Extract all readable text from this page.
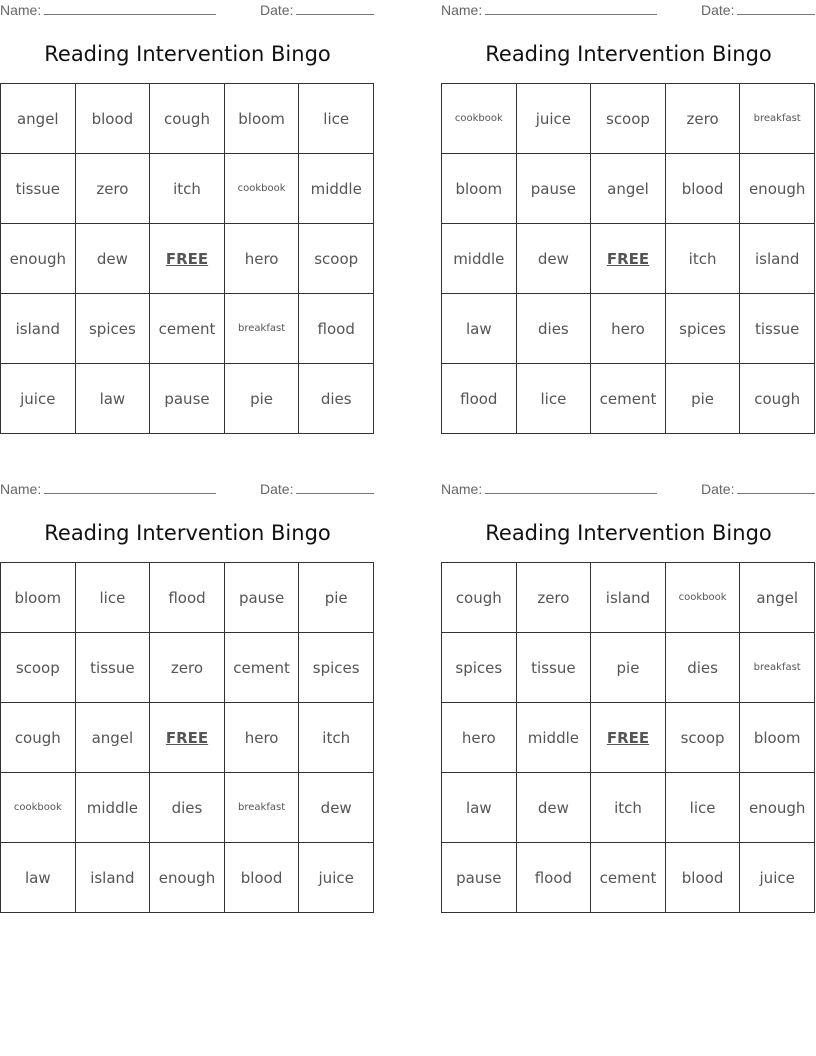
Name:	Date:
Reading Intervention Bingo
angel	blood	cough	bloom	lice
tissue	zero	itch	cookbook	middle
enough	dew	FREE	hero	scoop
island	spices	cement	breakfast	flood
juice	law	pause	pie	dies
Name:	Date:
Reading Intervention Bingo
cookbook	juice	scoop	zero	breakfast
bloom	pause	angel	blood	enough
middle	dew	FREE	itch	island
law	dies	hero	spices	tissue
flood	lice	cement	pie	cough
Name:	Date:
Reading Intervention Bingo
bloom	lice	flood	pause	pie
scoop	tissue	zero	cement	spices
cough	angel	FREE	hero	itch
cookbook	middle	dies	breakfast	dew
law	island	enough	blood	juice
Name:	Date:
Reading Intervention Bingo
cough	zero	island	cookbook	angel
spices	tissue	pie	dies	breakfast
hero	middle	FREE	scoop	bloom
law	dew	itch	lice	enough
pause	flood	cement	blood	juice
